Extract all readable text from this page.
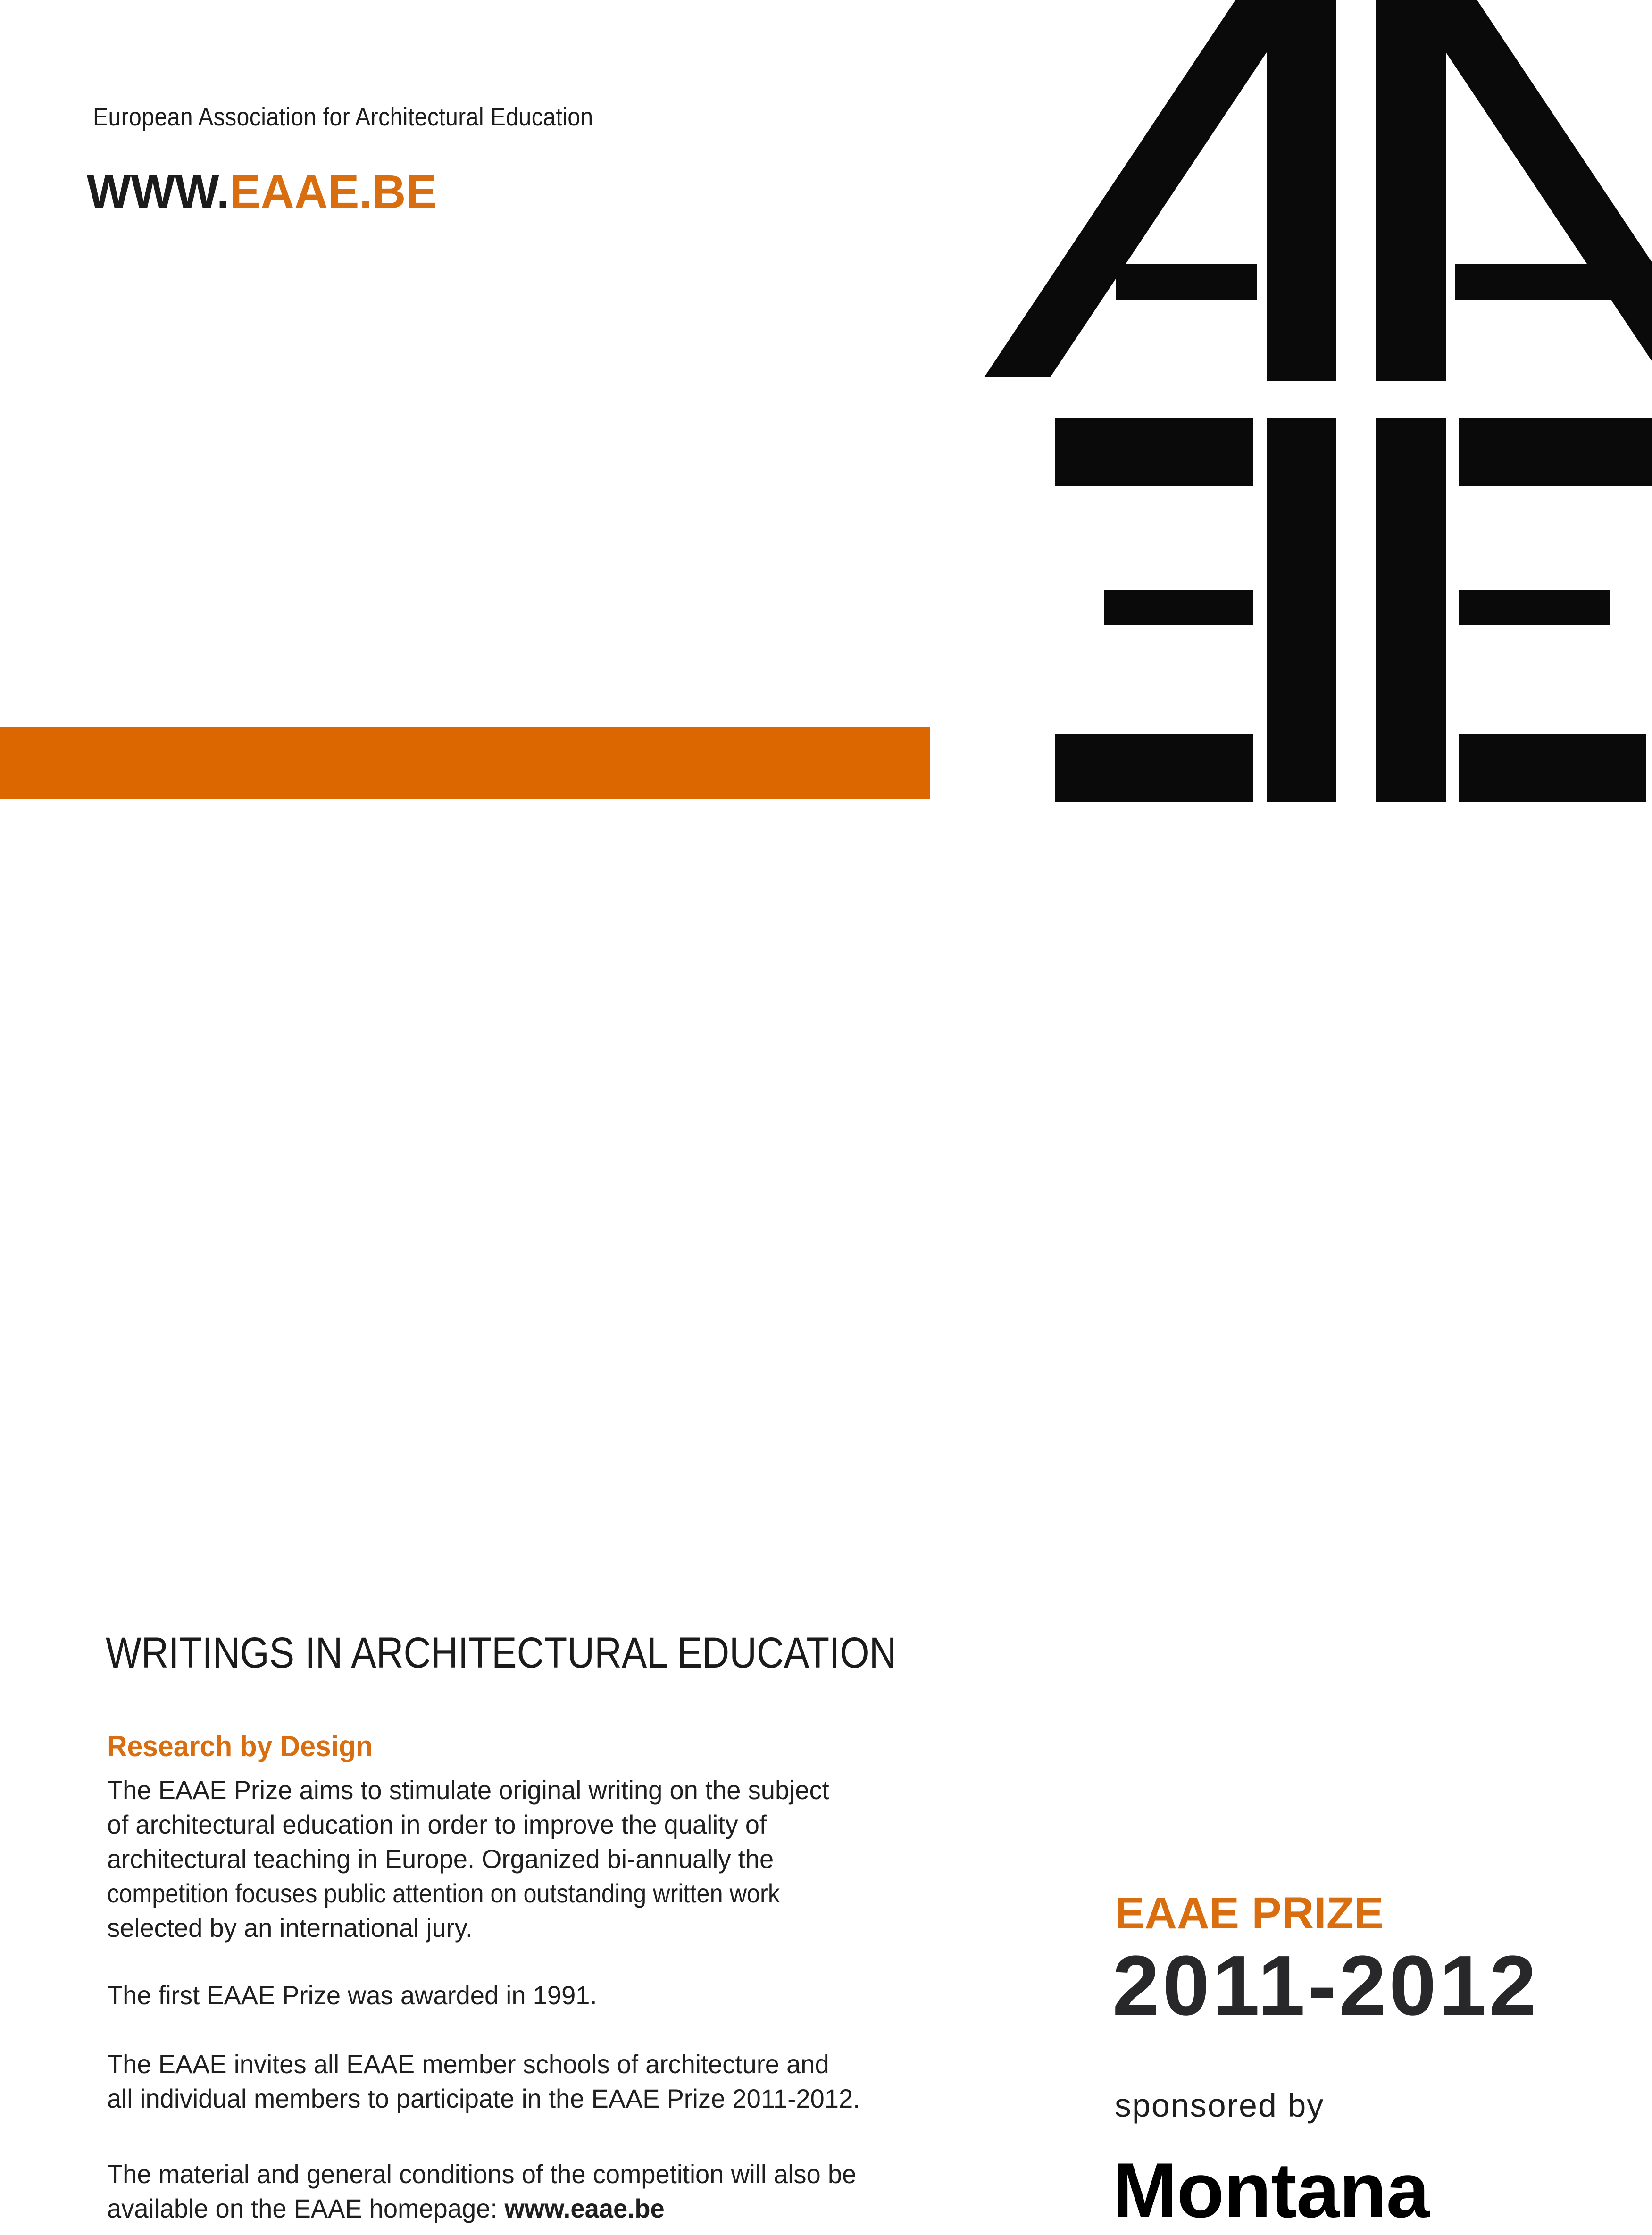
European Association for Architectural Education
WWW.EAAE.BE
WRITINGS IN ARCHITECTURAL EDUCATION
Research by Design
The EAAE Prize aims to stimulate original writing on the subject
of architectural education in order to improve the quality of
architectural teaching in Europe. Organized bi-annually the
competition focuses public attention on outstanding written work
selected by an international jury.
The first EAAE Prize was awarded in 1991.
The EAAE invites all EAAE member schools of architecture and
all individual members to participate in the EAAE Prize 2011-2012.
The material and general conditions of the competition will also be
available on the EAAE homepage: www.eaae.be
EAAE PRIZE
2011-2012
sponsored by
Montana
